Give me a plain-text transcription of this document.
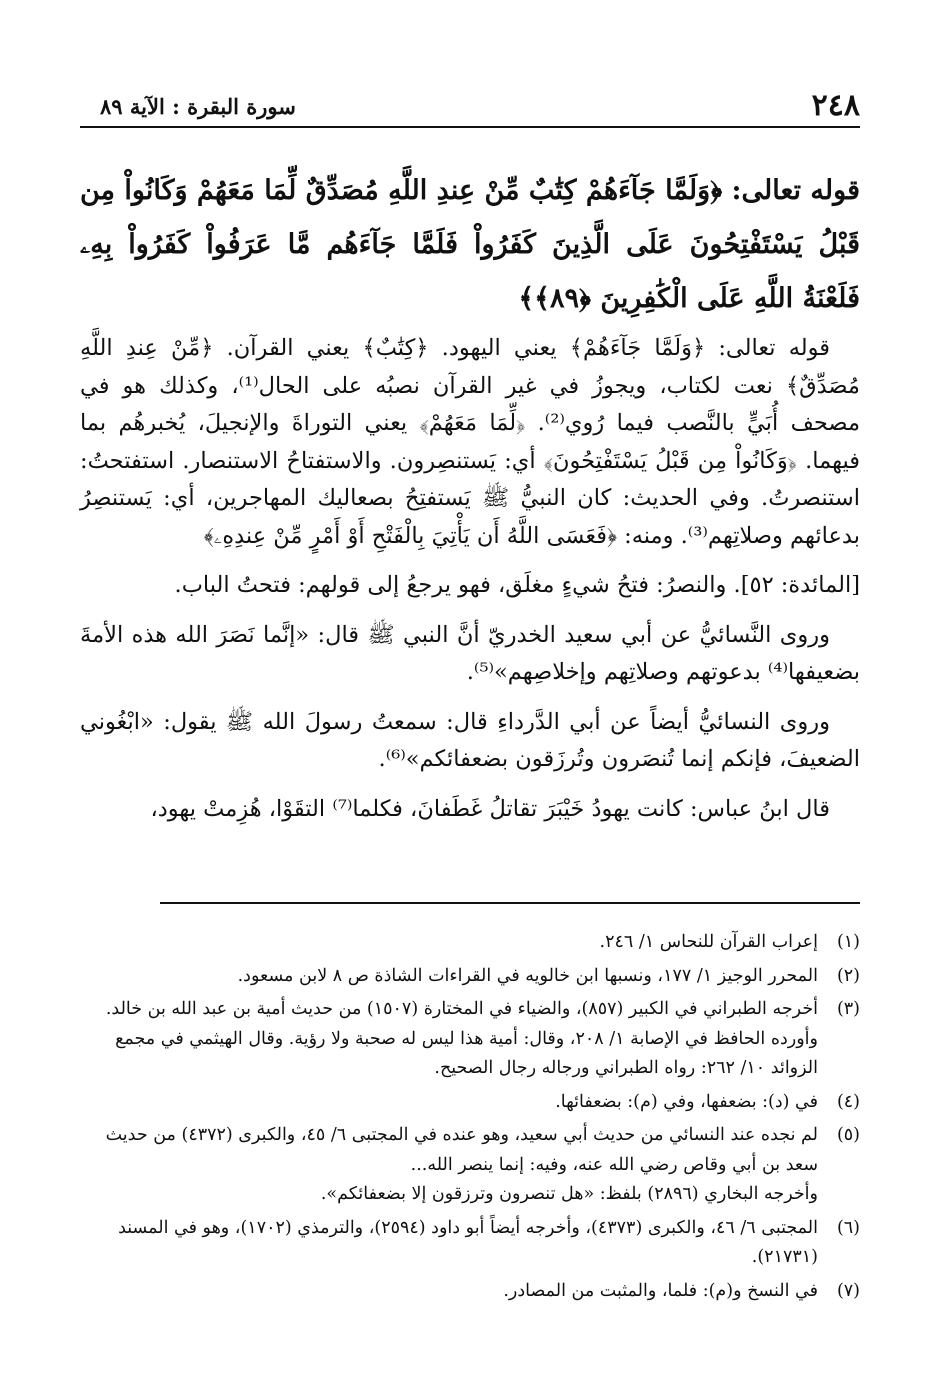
٢٤٨
سورة البقرة : الآية ٨٩
قوله تعالى: ﴿وَلَمَّا جَآءَهُمْ كِتَٰبٌ مِّنْ عِندِ اللَّهِ مُصَدِّقٌ لِّمَا مَعَهُمْ وَكَانُواْ مِن قَبْلُ يَسْتَفْتِحُونَ عَلَى الَّذِينَ كَفَرُواْ فَلَمَّا جَآءَهُم مَّا عَرَفُواْ كَفَرُواْ بِهِۦ فَلَعْنَةُ اللَّهِ عَلَى الْكَٰفِرِينَ ﴿٨٩﴾﴾

قوله تعالى: ﴿وَلَمَّا جَآءَهُمْ﴾ يعني اليهود. ﴿كِتَٰبٌ﴾ يعني القرآن. ﴿مِّنْ عِندِ اللَّهِ مُصَدِّقٌ﴾ نعت لكتاب، ويجوزُ في غير القرآن نصبُه على الحال⁽¹⁾، وكذلك هو في مصحف أُبَيٍّ بالنَّصب فيما رُوي⁽²⁾. ﴿لِّمَا مَعَهُمْ﴾ يعني التوراةَ والإنجيلَ، يُخبرهُم بما فيهما. ﴿وَكَانُواْ مِن قَبْلُ يَسْتَفْتِحُونَ﴾ أي: يَستنصِرون. والاستفتاحُ الاستنصار. استفتحتُ: استنصرتُ. وفي الحديث: كان النبيُّ ﷺ يَستفتِحُ بصعاليك المهاجرين، أي: يَستنصِرُ بدعائهم وصلاتِهم⁽³⁾. ومنه: ﴿فَعَسَى اللَّهُ أَن يَأْتِيَ بِالْفَتْحِ أَوْ أَمْرٍ مِّنْ عِندِهِۦ﴾

[المائدة: ٥٢]. والنصرُ: فتحُ شيءٍ مغلَق، فهو يرجعُ إلى قولهم: فتحتُ الباب.

وروى النَّسائيُّ عن أبي سعيد الخدريّ أنَّ النبي ﷺ قال: «إنَّما نَصَرَ الله هذه الأمةَ بضعيفها⁽⁴⁾ بدعوتهم وصلاتِهم وإخلاصِهم»⁽⁵⁾.

وروى النسائيُّ أيضاً عن أبي الدَّرداءِ قال: سمعتُ رسولَ الله ﷺ يقول: «ابْغُوني الضعيفَ، فإنكم إنما تُنصَرون وتُرزَقون بضعفائكم»⁽⁶⁾.

قال ابنُ عباس: كانت يهودُ خَيْبَرَ تقاتلُ غَطَفانَ، فكلما⁽⁷⁾ التقَوْا، هُزِمتْ يهود،

(١)
إعراب القرآن للنحاس ١/ ٢٤٦.
(٢)
المحرر الوجيز ١/ ١٧٧، ونسبها ابن خالويه في القراءات الشاذة ص ٨ لابن مسعود.
(٣)
أخرجه الطبراني في الكبير (٨٥٧)، والضياء في المختارة (١٥٠٧) من حديث أمية بن عبد الله بن خالد.
وأورده الحافظ في الإصابة ١/ ٢٠٨، وقال: أمية هذا ليس له صحبة ولا رؤية. وقال الهيثمي في مجمع الزوائد ١٠/ ٢٦٢: رواه الطبراني ورجاله رجال الصحيح.
(٤)
في (د): بضعفها، وفي (م): بضعفائها.
(٥)
لم نجده عند النسائي من حديث أبي سعيد، وهو عنده في المجتبى ٦/ ٤٥، والكبرى (٤٣٧٢) من حديث سعد بن أبي وقاص رضي الله عنه، وفيه: إنما ينصر الله...
وأخرجه البخاري (٢٨٩٦) بلفظ: «هل تنصرون وترزقون إلا بضعفائكم».
(٦)
المجتبى ٦/ ٤٦، والكبرى (٤٣٧٣)، وأخرجه أيضاً أبو داود (٢٥٩٤)، والترمذي (١٧٠٢)، وهو في المسند (٢١٧٣١).
(٧)
في النسخ و(م): فلما، والمثبت من المصادر.
